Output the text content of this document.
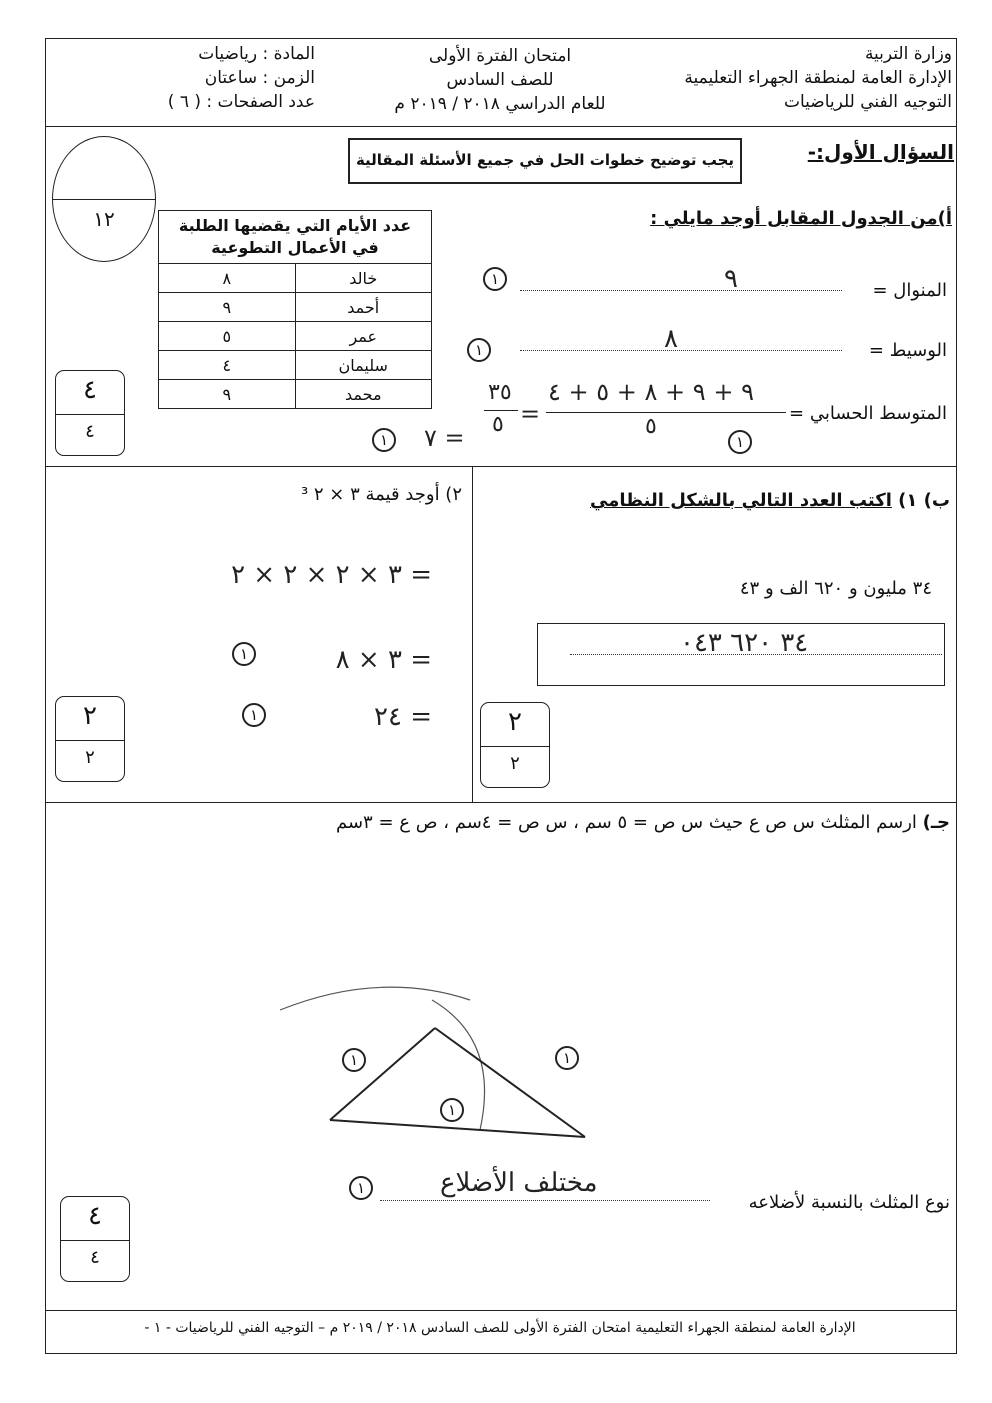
وزارة التربية
الإدارة العامة لمنطقة الجهراء التعليمية
التوجيه الفني للرياضيات
امتحان الفترة الأولى
للصف السادس
للعام الدراسي ٢٠١٨ / ٢٠١٩ م
المادة : رياضيات
الزمن : ساعتان
عدد الصفحات : ( ٦ )
السؤال الأول:-
يجب توضيح خطوات الحل في جميع الأسئلة المقالية
١٢	أ)من الجدول المقابل أوجد مايلي :
عدد الأيام التي يقضيها الطلبة في الأعمال التطوعية	
خالد	٨
أحمد	٩
عمر	٥
سليمان	٤
محمد	٩
المنوال =
٩
١
الوسيط =
٨
١
المتوسط الحسابي =
٩ + ٩ + ٨ + ٥ + ٤
٥
=
٣٥
٥
= ٧
١	١
٤
٤
ب) ١) اكتب العدد التالي بالشكل النظامي
٣٤ مليون و ٦٢٠ الف و ٤٣
٣٤ ٦٢٠ ٠٤٣
٢
٢
٢) أوجد قيمة ٣ × ٢ ³
= ٣ × ٢ × ٢ × ٢
= ٣ × ٨
١
= ٢٤
١
٢
٢
جـ) ارسم المثلث س ص ع حيث س ص = ٥ سم ، س ص = ٤سم ، ص ع = ٣سم
١	١
١
نوع المثلث بالنسبة لأضلاعه
مختلف الأضلاع
١
٤
٤
الإدارة العامة لمنطقة الجهراء التعليمية امتحان الفترة الأولى للصف السادس ٢٠١٨ / ٢٠١٩ م – التوجيه الفني للرياضيات - ١ -
